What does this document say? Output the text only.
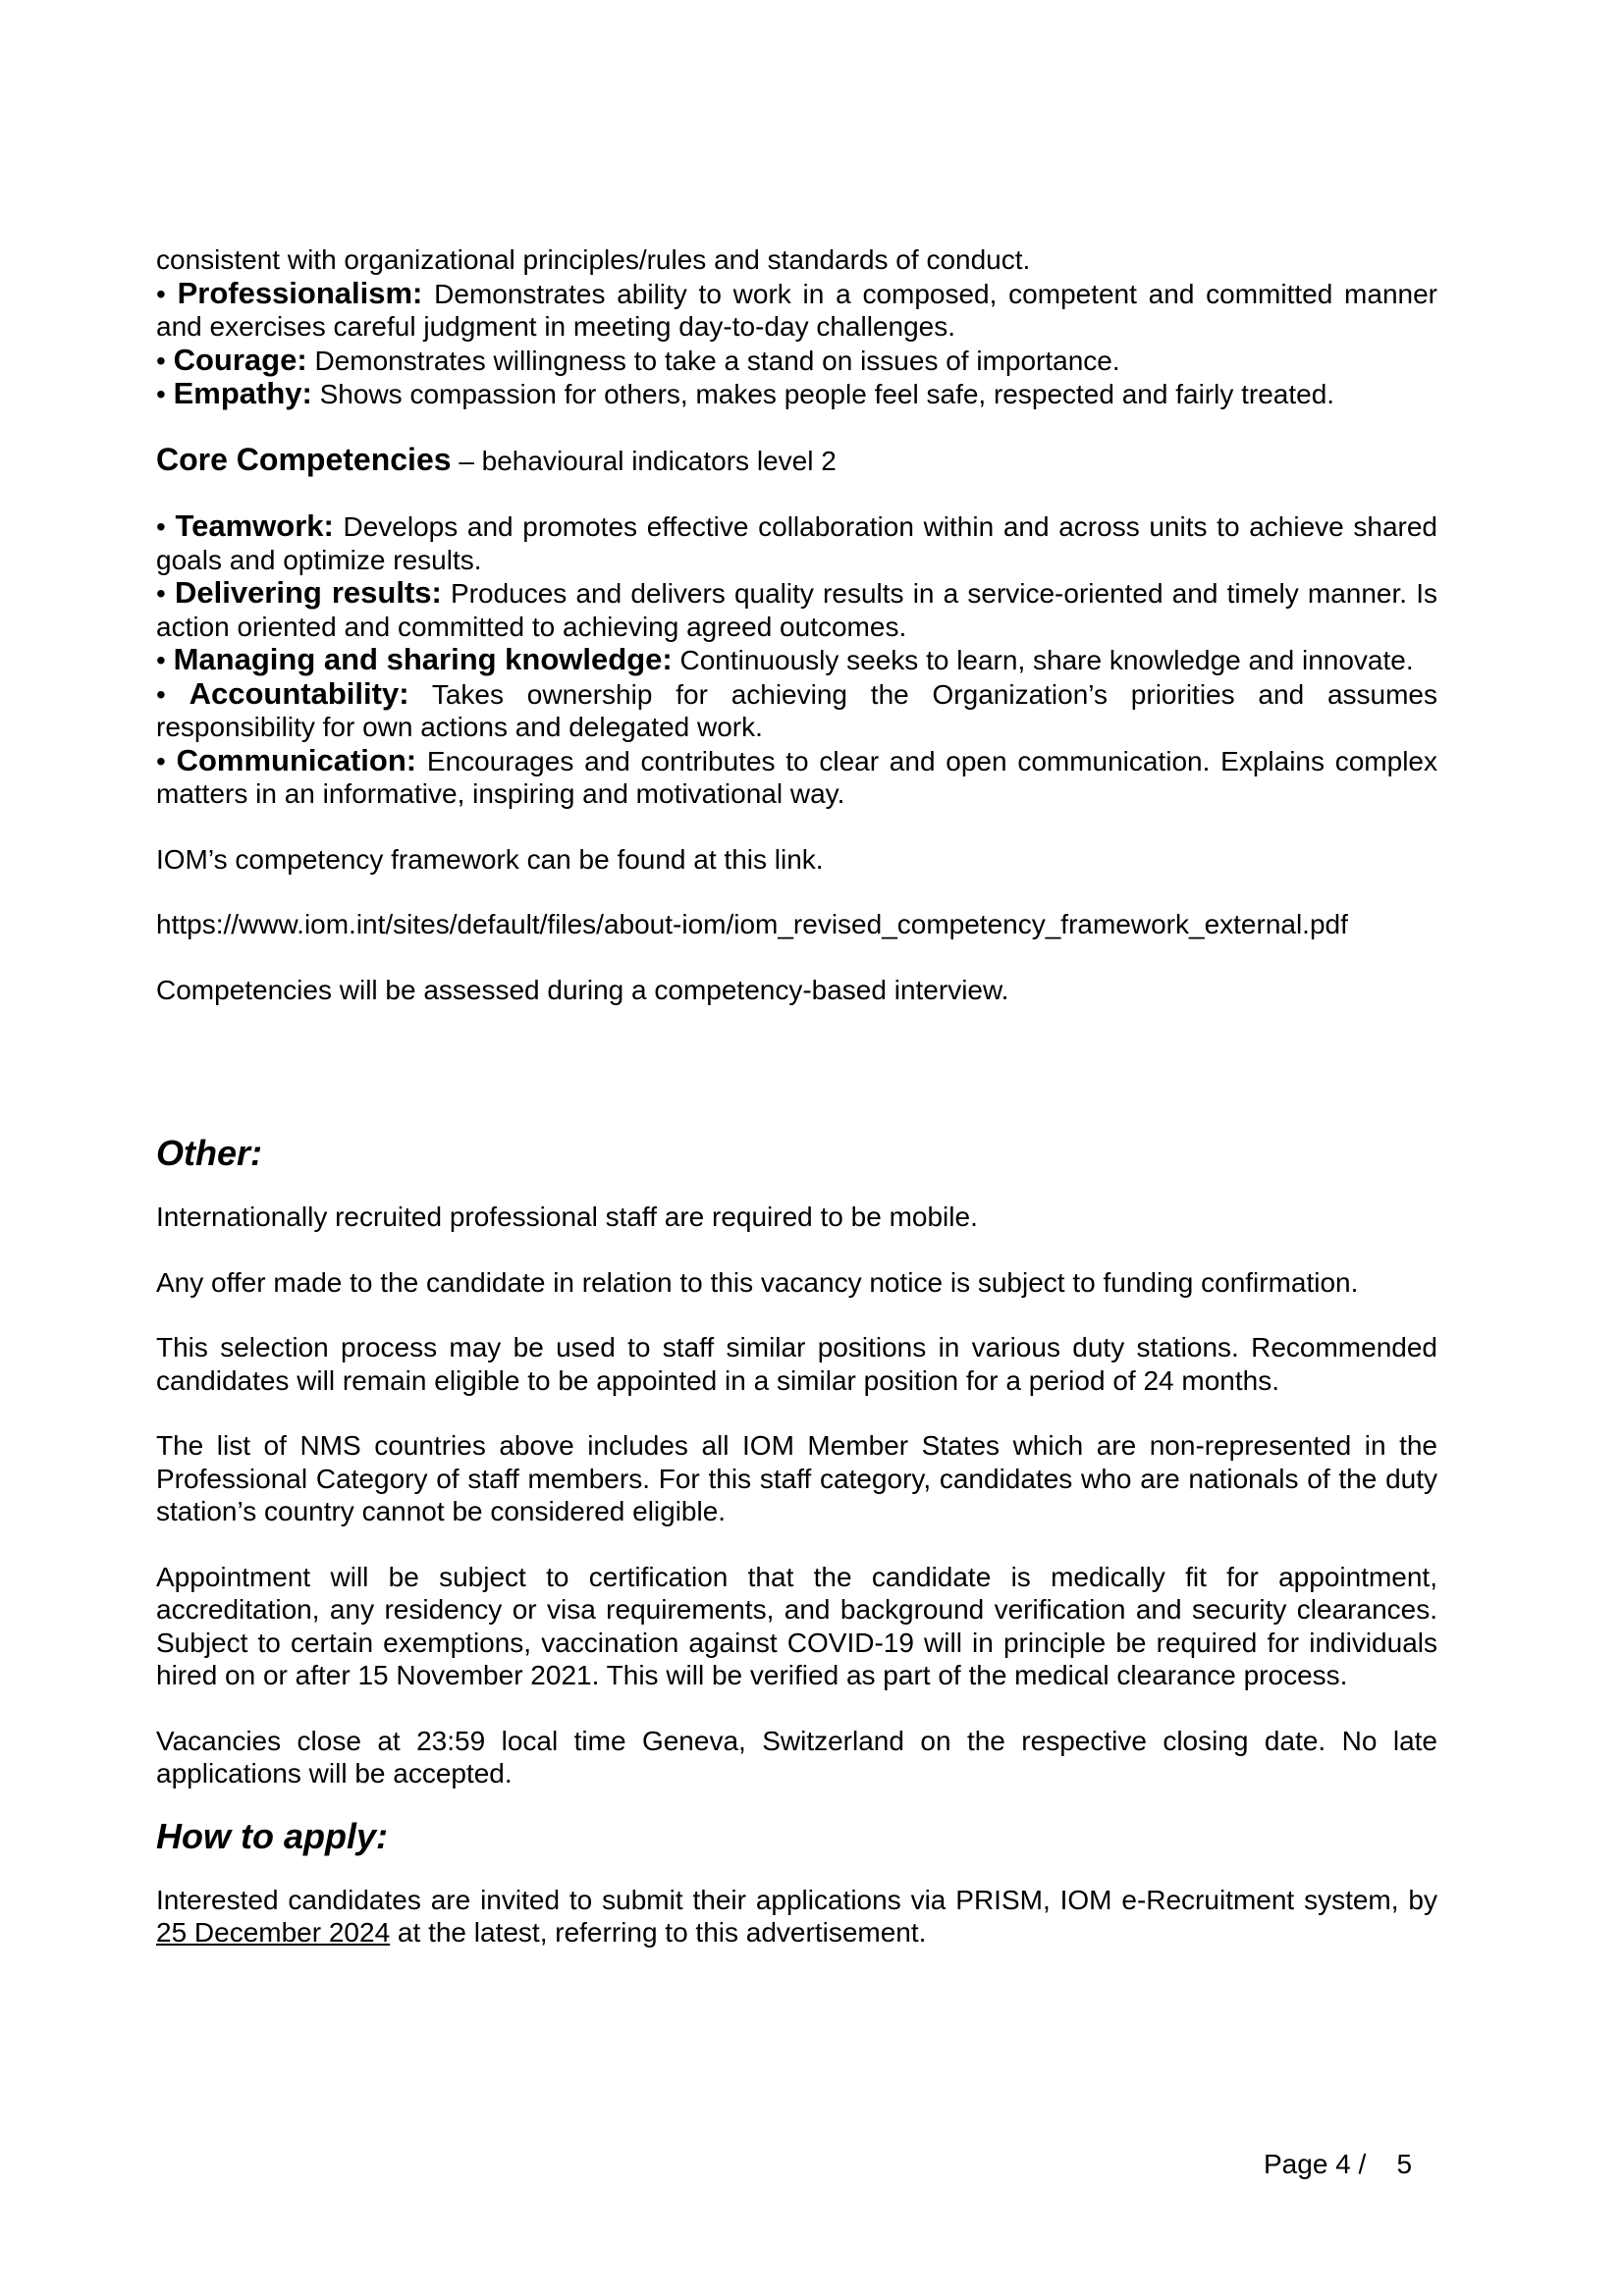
consistent with organizational principles/rules and standards of conduct.

• Professionalism: Demonstrates ability to work in a composed, competent and committed manner and exercises careful judgment in meeting day-to-day challenges.

• Courage: Demonstrates willingness to take a stand on issues of importance.

• Empathy: Shows compassion for others, makes people feel safe, respected and fairly treated.

Core Competencies – behavioural indicators level 2

• Teamwork: Develops and promotes effective collaboration within and across units to achieve shared goals and optimize results.

• Delivering results: Produces and delivers quality results in a service-oriented and timely manner. Is action oriented and committed to achieving agreed outcomes.

• Managing and sharing knowledge: Continuously seeks to learn, share knowledge and innovate.

• Accountability: Takes ownership for achieving the Organization’s priorities and assumes responsibility for own actions and delegated work.

• Communication: Encourages and contributes to clear and open communication. Explains complex matters in an informative, inspiring and motivational way.

IOM’s competency framework can be found at this link.

https://www.iom.int/sites/default/files/about-iom/iom_revised_competency_framework_external.pdf

Competencies will be assessed during a competency-based interview.

Other:

Internationally recruited professional staff are required to be mobile.

Any offer made to the candidate in relation to this vacancy notice is subject to funding confirmation.

This selection process may be used to staff similar positions in various duty stations. Recommended candidates will remain eligible to be appointed in a similar position for a period of 24 months.

The list of NMS countries above includes all IOM Member States which are non-represented in the Professional Category of staff members. For this staff category, candidates who are nationals of the duty station’s country cannot be considered eligible.

Appointment will be subject to certification that the candidate is medically fit for appointment, accreditation, any residency or visa requirements, and background verification and security clearances. Subject to certain exemptions, vaccination against COVID-19 will in principle be required for individuals hired on or after 15 November 2021. This will be verified as part of the medical clearance process.

Vacancies close at 23:59 local time Geneva, Switzerland on the respective closing date. No late applications will be accepted.

How to apply:

Interested candidates are invited to submit their applications via PRISM, IOM e-Recruitment system, by 25 December 2024 at the latest, referring to this advertisement.

Page 4 / 5
